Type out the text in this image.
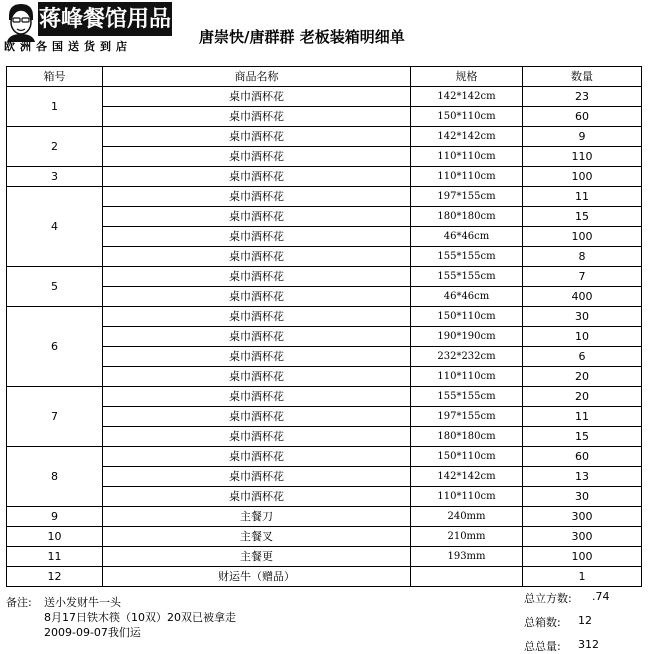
蒋峰餐馆用品
欧洲各国送货到店
唐崇快/唐群群 老板装箱明细单
箱号	商品名称	规格	数量
1	桌巾酒杯花	142*142cm	23
	桌巾酒杯花	150*110cm	60
2	桌巾酒杯花	142*142cm	9
	桌巾酒杯花	110*110cm	110
3	桌巾酒杯花	110*110cm	100
4	桌巾酒杯花	197*155cm	11
	桌巾酒杯花	180*180cm	15
	桌巾酒杯花	46*46cm	100
	桌巾酒杯花	155*155cm	8
5	桌巾酒杯花	155*155cm	7
	桌巾酒杯花	46*46cm	400
6	桌巾酒杯花	150*110cm	30
	桌巾酒杯花	190*190cm	10
	桌巾酒杯花	232*232cm	6
	桌巾酒杯花	110*110cm	20
7	桌巾酒杯花	155*155cm	20
	桌巾酒杯花	197*155cm	11
	桌巾酒杯花	180*180cm	15
8	桌巾酒杯花	150*110cm	60
	桌巾酒杯花	142*142cm	13
	桌巾酒杯花	110*110cm	30
9	主餐刀	240mm	300
10	主餐叉	210mm	300
11	主餐更	193mm	100
12	财运牛（赠品）		1
备注: 送小发财牛一头
8月17日铁木筷（10双）20双已被拿走
2009-09-07我们运
总立方数: .74
总箱数: 12
总总量: 312
